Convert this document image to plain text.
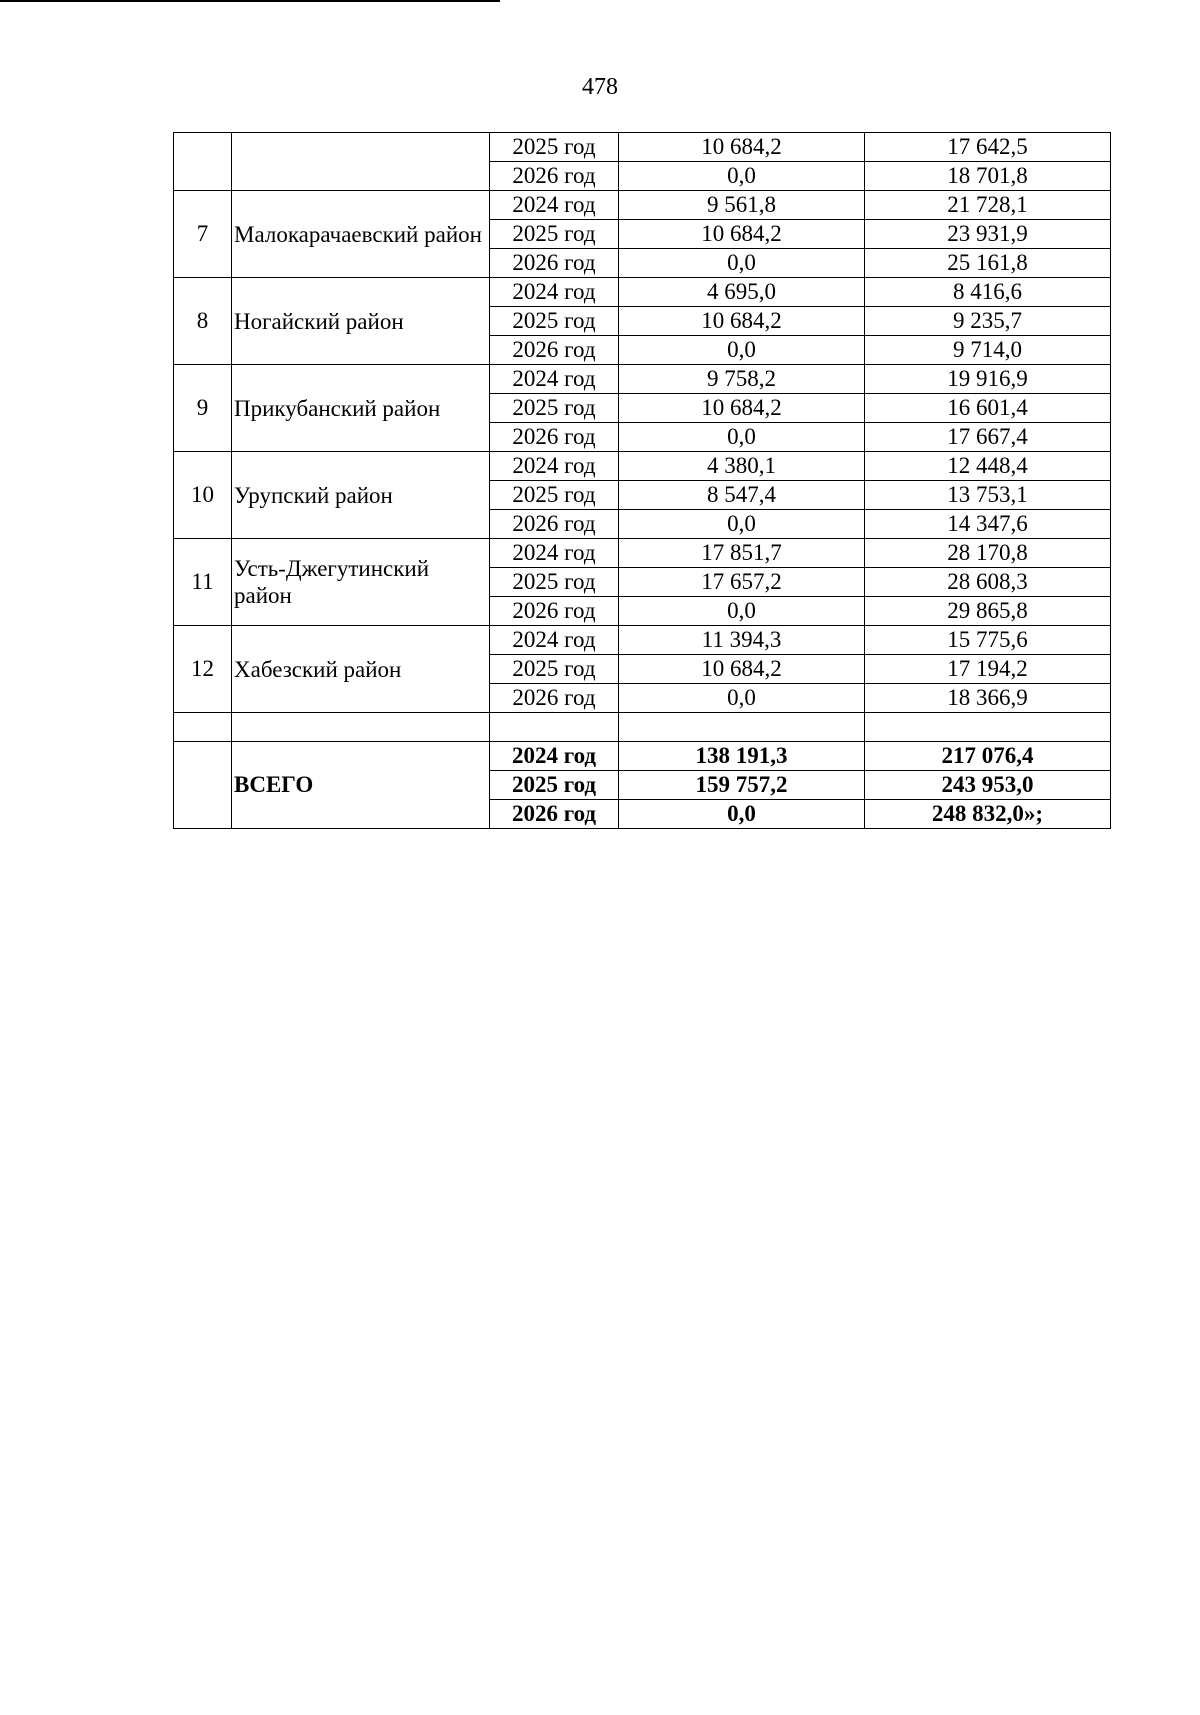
478
		2025 год	10 684,2	17 642,5
		2026 год	0,0	18 701,8
7	Малокарачаевский район	2024 год	9 561,8	21 728,1
		2025 год	10 684,2	23 931,9
		2026 год	0,0	25 161,8
8	Ногайский район	2024 год	4 695,0	8 416,6
		2025 год	10 684,2	9 235,7
		2026 год	0,0	9 714,0
9	Прикубанский район	2024 год	9 758,2	19 916,9
		2025 год	10 684,2	16 601,4
		2026 год	0,0	17 667,4
10	Урупский район	2024 год	4 380,1	12 448,4
		2025 год	8 547,4	13 753,1
		2026 год	0,0	14 347,6
11	Усть-Джегутинский район	2024 год	17 851,7	28 170,8
		2025 год	17 657,2	28 608,3
		2026 год	0,0	29 865,8
12	Хабезский район	2024 год	11 394,3	15 775,6
		2025 год	10 684,2	17 194,2
		2026 год	0,0	18 366,9

	ВСЕГО	2024 год	138 191,3	217 076,4
		2025 год	159 757,2	243 953,0
		2026 год	0,0	248 832,0»;
